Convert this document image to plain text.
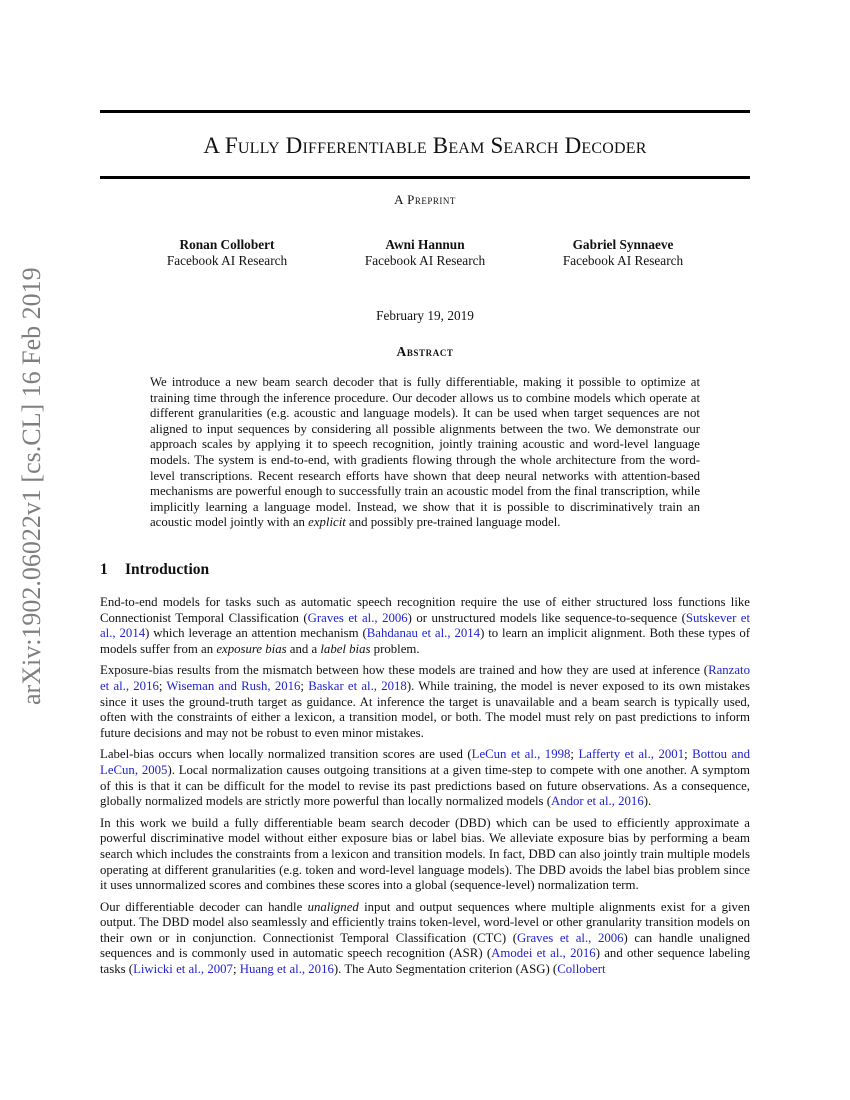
arXiv:1902.06022v1 [cs.CL] 16 Feb 2019
A Fully Differentiable Beam Search Decoder
A Preprint
Ronan Collobert
Facebook AI Research
Awni Hannun
Facebook AI Research
Gabriel Synnaeve
Facebook AI Research
February 19, 2019
Abstract
We introduce a new beam search decoder that is fully differentiable, making it possible to optimize at training time through the inference procedure. Our decoder allows us to combine models which operate at different granularities (e.g. acoustic and language models). It can be used when target sequences are not aligned to input sequences by considering all possible alignments between the two. We demonstrate our approach scales by applying it to speech recognition, jointly training acoustic and word-level language models. The system is end-to-end, with gradients flowing through the whole architecture from the word-level transcriptions. Recent research efforts have shown that deep neural networks with attention-based mechanisms are powerful enough to successfully train an acoustic model from the final transcription, while implicitly learning a language model. Instead, we show that it is possible to discriminatively train an acoustic model jointly with an explicit and possibly pre-trained language model.
1 Introduction

End-to-end models for tasks such as automatic speech recognition require the use of either structured loss functions like Connectionist Temporal Classification (Graves et al., 2006) or unstructured models like sequence-to-sequence (Sutskever et al., 2014) which leverage an attention mechanism (Bahdanau et al., 2014) to learn an implicit alignment. Both these types of models suffer from an exposure bias and a label bias problem.

Exposure-bias results from the mismatch between how these models are trained and how they are used at inference (Ranzato et al., 2016; Wiseman and Rush, 2016; Baskar et al., 2018). While training, the model is never exposed to its own mistakes since it uses the ground-truth target as guidance. At inference the target is unavailable and a beam search is typically used, often with the constraints of either a lexicon, a transition model, or both. The model must rely on past predictions to inform future decisions and may not be robust to even minor mistakes.

Label-bias occurs when locally normalized transition scores are used (LeCun et al., 1998; Lafferty et al., 2001; Bottou and LeCun, 2005). Local normalization causes outgoing transitions at a given time-step to compete with one another. A symptom of this is that it can be difficult for the model to revise its past predictions based on future observations. As a consequence, globally normalized models are strictly more powerful than locally normalized models (Andor et al., 2016).

In this work we build a fully differentiable beam search decoder (DBD) which can be used to efficiently approximate a powerful discriminative model without either exposure bias or label bias. We alleviate exposure bias by performing a beam search which includes the constraints from a lexicon and transition models. In fact, DBD can also jointly train multiple models operating at different granularities (e.g. token and word-level language models). The DBD avoids the label bias problem since it uses unnormalized scores and combines these scores into a global (sequence-level) normalization term.

Our differentiable decoder can handle unaligned input and output sequences where multiple alignments exist for a given output. The DBD model also seamlessly and efficiently trains token-level, word-level or other granularity transition models on their own or in conjunction. Connectionist Temporal Classification (CTC) (Graves et al., 2006) can handle unaligned sequences and is commonly used in automatic speech recognition (ASR) (Amodei et al., 2016) and other sequence labeling tasks (Liwicki et al., 2007; Huang et al., 2016). The Auto Segmentation criterion (ASG) (Collobert
